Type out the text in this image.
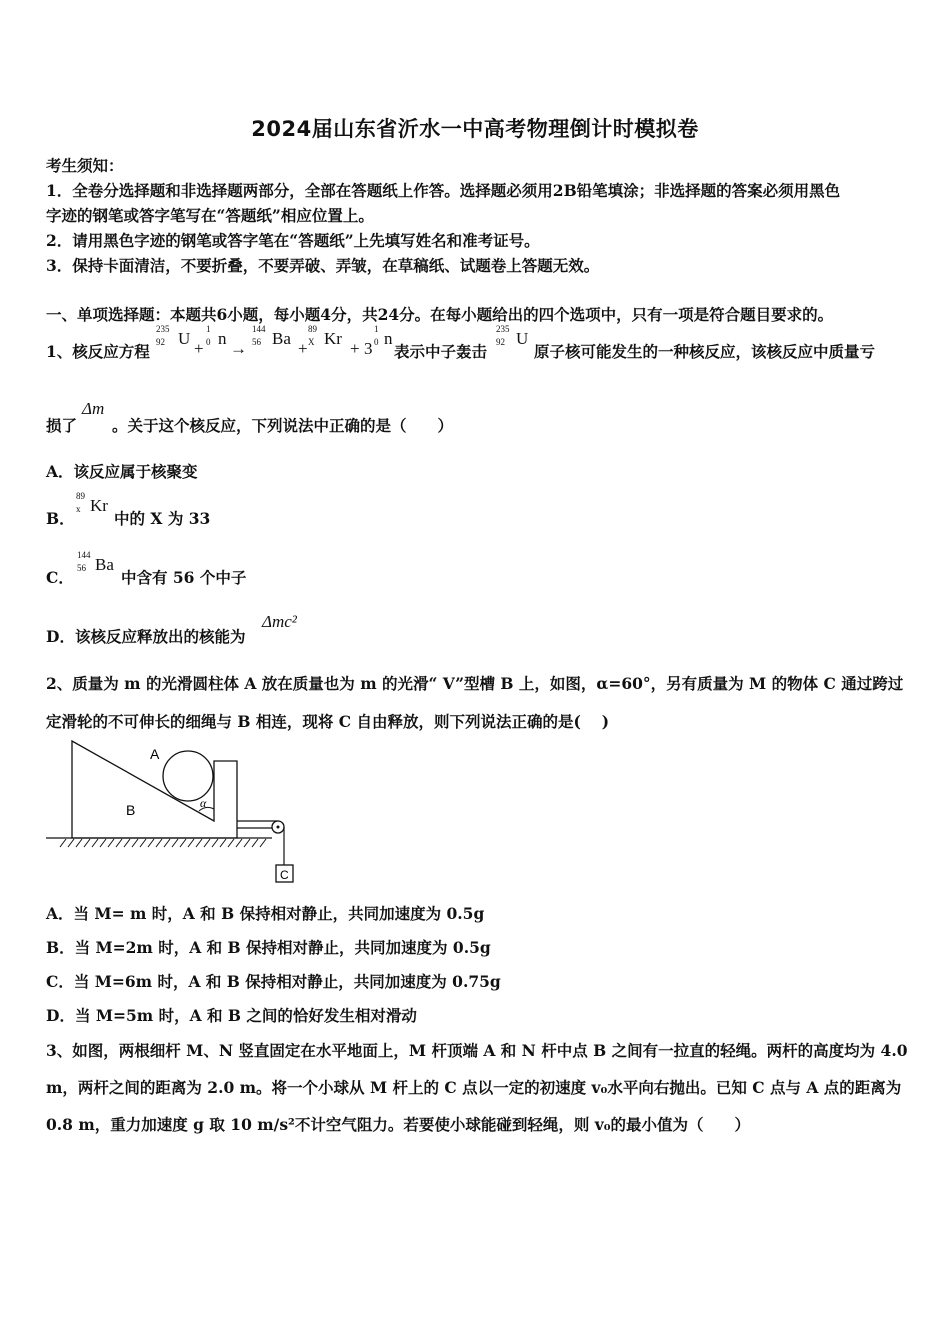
2024届山东省沂水一中高考物理倒计时模拟卷
考生须知：
1．全卷分选择题和非选择题两部分，全部在答题纸上作答。选择题必须用2B铅笔填涂；非选择题的答案必须用黑色
字迹的钢笔或答字笔写在“答题纸”相应位置上。
2．请用黑色字迹的钢笔或答字笔在“答题纸”上先填写姓名和准考证号。
3．保持卡面清洁，不要折叠，不要弄破、弄皱，在草稿纸、试题卷上答题无效。
一、单项选择题：本题共6小题，每小题4分，共24分。在每小题给出的四个选项中，只有一项是符合题目要求的。
1、核反应方程
235
92 U
+
1
0 n
→
144
56 Ba
+
89
X Kr
+ 3
1
0 n
表示中子轰击
235
92 U
原子核可能发生的一种核反应，该核反应中质量亏
损了
Δm
。关于这个核反应，下列说法中正确的是（　　）
A．该反应属于核聚变
B．
89
x Kr
中的 X 为 33
C．
144
56 Ba
中含有 56 个中子
D．该核反应释放出的核能为
Δmc²
2、质量为 m 的光滑圆柱体 A 放在质量也为 m 的光滑“ V”型槽 B 上，如图，α=60°，另有质量为 M 的物体 C 通过跨过
定滑轮的不可伸长的细绳与 B 相连，现将 C 自由释放，则下列说法正确的是(　 )
A
B
C
α
A．当 M= m 时，A 和 B 保持相对静止，共同加速度为 0.5g
B．当 M=2m 时，A 和 B 保持相对静止，共同加速度为 0.5g
C．当 M=6m 时，A 和 B 保持相对静止，共同加速度为 0.75g
D．当 M=5m 时，A 和 B 之间的恰好发生相对滑动
3、如图，两根细杆 M、N 竖直固定在水平地面上，M 杆顶端 A 和 N 杆中点 B 之间有一拉直的轻绳。两杆的高度均为 4.0
m，两杆之间的距离为 2.0 m。将一个小球从 M 杆上的 C 点以一定的初速度 v₀水平向右抛出。已知 C 点与 A 点的距离为
0.8 m，重力加速度 g 取 10 m/s²不计空气阻力。若要使小球能碰到轻绳，则 v₀的最小值为（　　）
